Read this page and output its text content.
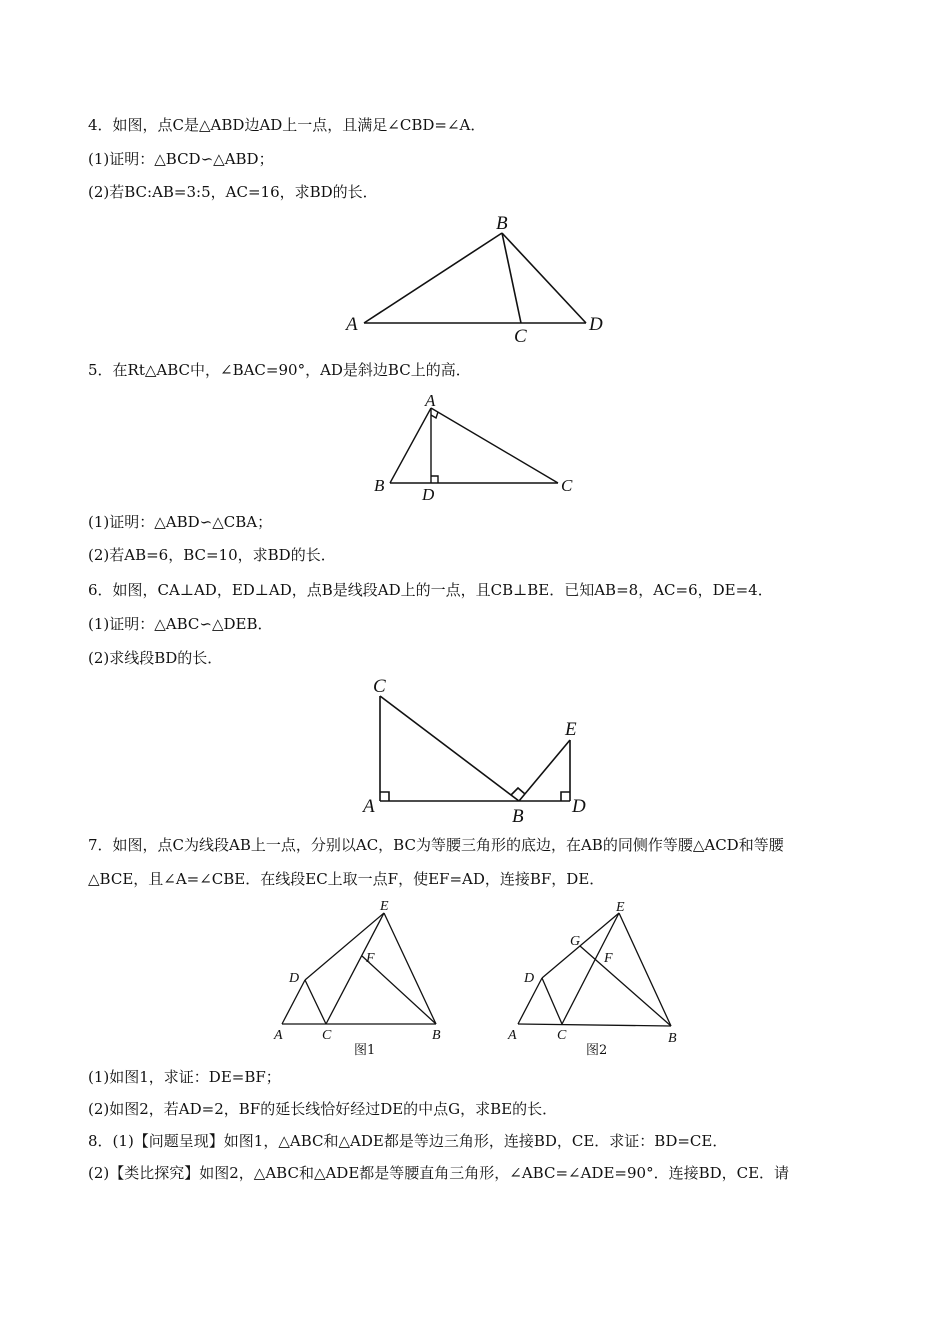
4．如图，点C是△ABD边AD上一点，且满足∠CBD=∠A．
(1)证明：△BCD∽△ABD；
(2)若BC:AB=3:5，AC=16，求BD的长．
A
B
C
D
5．在Rt△ABC中，∠BAC=90°，AD是斜边BC上的高．
A
B	C
D
(1)证明：△ABD∽△CBA；
(2)若AB=6，BC=10，求BD的长．
6．如图，CA⊥AD，ED⊥AD，点B是线段AD上的一点，且CB⊥BE．已知AB=8，AC=6，DE=4．
(1)证明：△ABC∽△DEB．
(2)求线段BD的长．
C
A	B	D
E
7．如图，点C为线段AB上一点，分别以AC，BC为等腰三角形的底边，在AB的同侧作等腰△ACD和等腰
△BCE，且∠A=∠CBE．在线段EC上取一点F，使EF=AD，连接BF，DE．
A	C	B
D
E
F
图1
A	C	B
D
E
F
G
图2
(1)如图1，求证：DE=BF；
(2)如图2，若AD=2，BF的延长线恰好经过DE的中点G，求BE的长．
8．(1)【问题呈现】如图1，△ABC和△ADE都是等边三角形，连接BD，CE．求证：BD=CE．
(2)【类比探究】如图2，△ABC和△ADE都是等腰直角三角形，∠ABC=∠ADE=90°．连接BD，CE．请
